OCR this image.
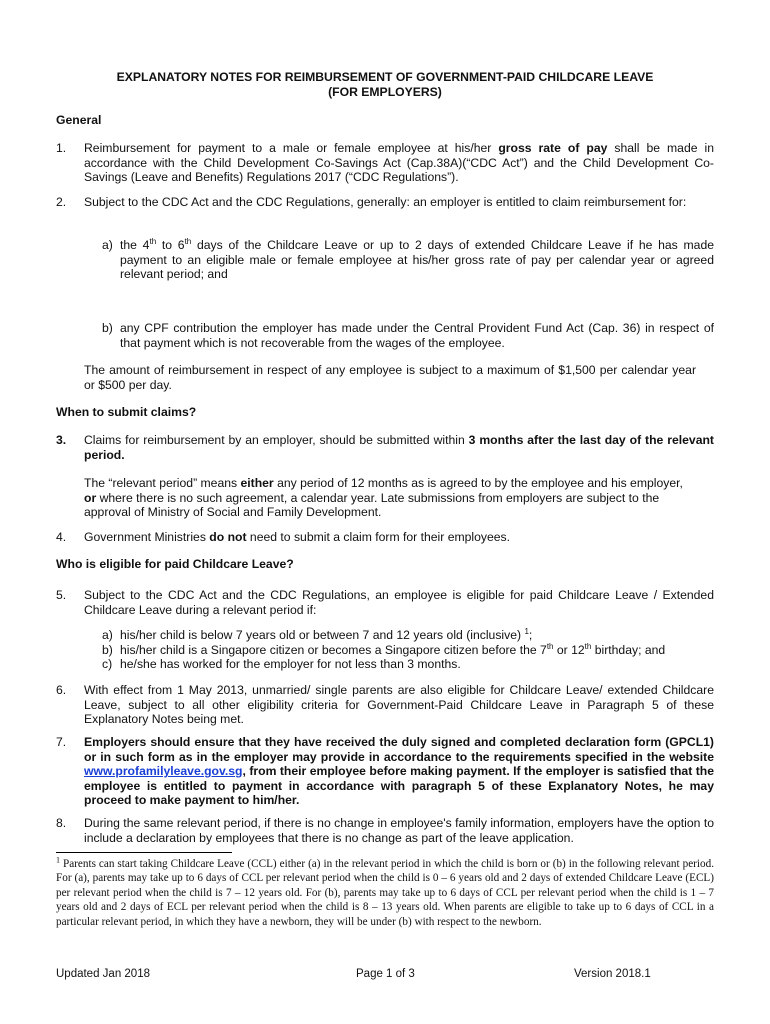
EXPLANATORY NOTES FOR REIMBURSEMENT OF GOVERNMENT-PAID CHILDCARE LEAVE
(FOR EMPLOYERS)
General
1. Reimbursement for payment to a male or female employee at his/her gross rate of pay shall be made in accordance with the Child Development Co-Savings Act (Cap.38A)(“CDC Act”) and the Child Development Co-Savings (Leave and Benefits) Regulations 2017 (“CDC Regulations”).
2. Subject to the CDC Act and the CDC Regulations, generally: an employer is entitled to claim reimbursement for:
a) the 4th to 6th days of the Childcare Leave or up to 2 days of extended Childcare Leave if he has made payment to an eligible male or female employee at his/her gross rate of pay per calendar year or agreed relevant period; and
b) any CPF contribution the employer has made under the Central Provident Fund Act (Cap. 36) in respect of that payment which is not recoverable from the wages of the employee.
The amount of reimbursement in respect of any employee is subject to a maximum of $1,500 per calendar year or $500 per day.
When to submit claims?
3. Claims for reimbursement by an employer, should be submitted within 3 months after the last day of the relevant period.
The “relevant period” means either any period of 12 months as is agreed to by the employee and his employer, or where there is no such agreement, a calendar year. Late submissions from employers are subject to the approval of Ministry of Social and Family Development.
4. Government Ministries do not need to submit a claim form for their employees.
Who is eligible for paid Childcare Leave?
5. Subject to the CDC Act and the CDC Regulations, an employee is eligible for paid Childcare Leave / Extended Childcare Leave during a relevant period if:
a) his/her child is below 7 years old or between 7 and 12 years old (inclusive) $^1$;
b) his/her child is a Singapore citizen or becomes a Singapore citizen before the 7th or 12th birthday; and
c) he/she has worked for the employer for not less than 3 months.
6. With effect from 1 May 2013, unmarried/ single parents are also eligible for Childcare Leave/ extended Childcare Leave, subject to all other eligibility criteria for Government-Paid Childcare Leave in Paragraph 5 of these Explanatory Notes being met.
7. Employers should ensure that they have received the duly signed and completed declaration form (GPCL1) or in such form as in the employer may provide in accordance to the requirements specified in the website www.profamilyleave.gov.sg, from their employee before making payment. If the employer is satisfied that the employee is entitled to payment in accordance with paragraph 5 of these Explanatory Notes, he may proceed to make payment to him/her.
8. During the same relevant period, if there is no change in employee's family information, employers have the option to include a declaration by employees that there is no change as part of the leave application.
$^1$ Parents can start taking Childcare Leave (CCL) either (a) in the relevant period in which the child is born or (b) in the following relevant period. For (a), parents may take up to 6 days of CCL per relevant period when the child is 0 – 6 years old and 2 days of extended Childcare Leave (ECL) per relevant period when the child is 7 – 12 years old. For (b), parents may take up to 6 days of CCL per relevant period when the child is 1 – 7 years old and 2 days of ECL per relevant period when the child is 8 – 13 years old. When parents are eligible to take up to 6 days of CCL in a particular relevant period, in which they have a newborn, they will be under (b) with respect to the newborn.
Updated Jan 2018	Page 1 of 3	Version 2018.1
